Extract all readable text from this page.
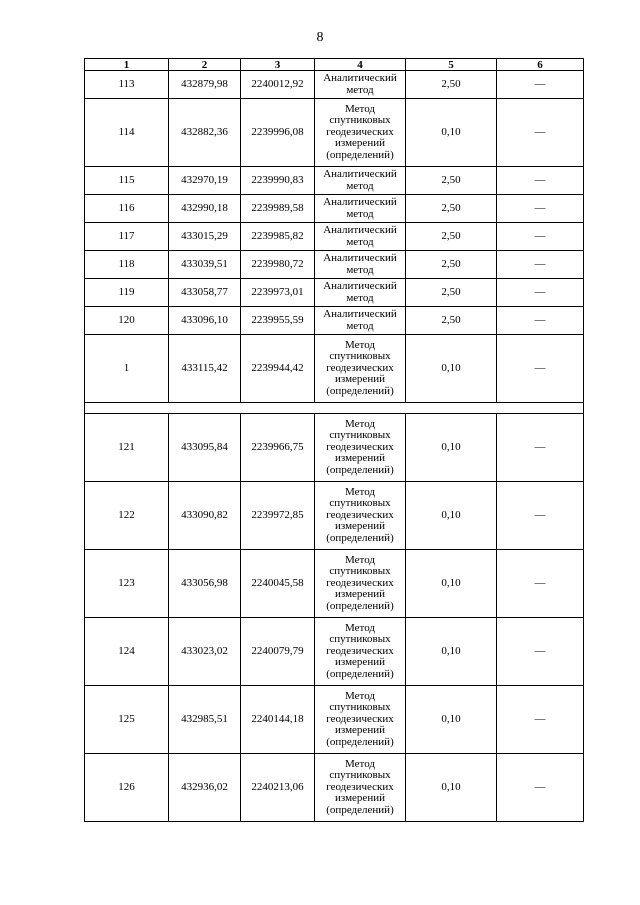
8
1	2	3	4	5	6
113	432879,98	2240012,92	Аналитический
метод	2,50	—
114	432882,36	2239996,08	Метод
спутниковых
геодезических
измерений
(определений)	0,10	—
115	432970,19	2239990,83	Аналитический
метод	2,50	—
116	432990,18	2239989,58	Аналитический
метод	2,50	—
117	433015,29	2239985,82	Аналитический
метод	2,50	—
118	433039,51	2239980,72	Аналитический
метод	2,50	—
119	433058,77	2239973,01	Аналитический
метод	2,50	—
120	433096,10	2239955,59	Аналитический
метод	2,50	—
1	433115,42	2239944,42	Метод
спутниковых
геодезических
измерений
(определений)	0,10	—

121	433095,84	2239966,75	Метод
спутниковых
геодезических
измерений
(определений)	0,10	—
122	433090,82	2239972,85	Метод
спутниковых
геодезических
измерений
(определений)	0,10	—
123	433056,98	2240045,58	Метод
спутниковых
геодезических
измерений
(определений)	0,10	—
124	433023,02	2240079,79	Метод
спутниковых
геодезических
измерений
(определений)	0,10	—
125	432985,51	2240144,18	Метод
спутниковых
геодезических
измерений
(определений)	0,10	—
126	432936,02	2240213,06	Метод
спутниковых
геодезических
измерений
(определений)	0,10	—
